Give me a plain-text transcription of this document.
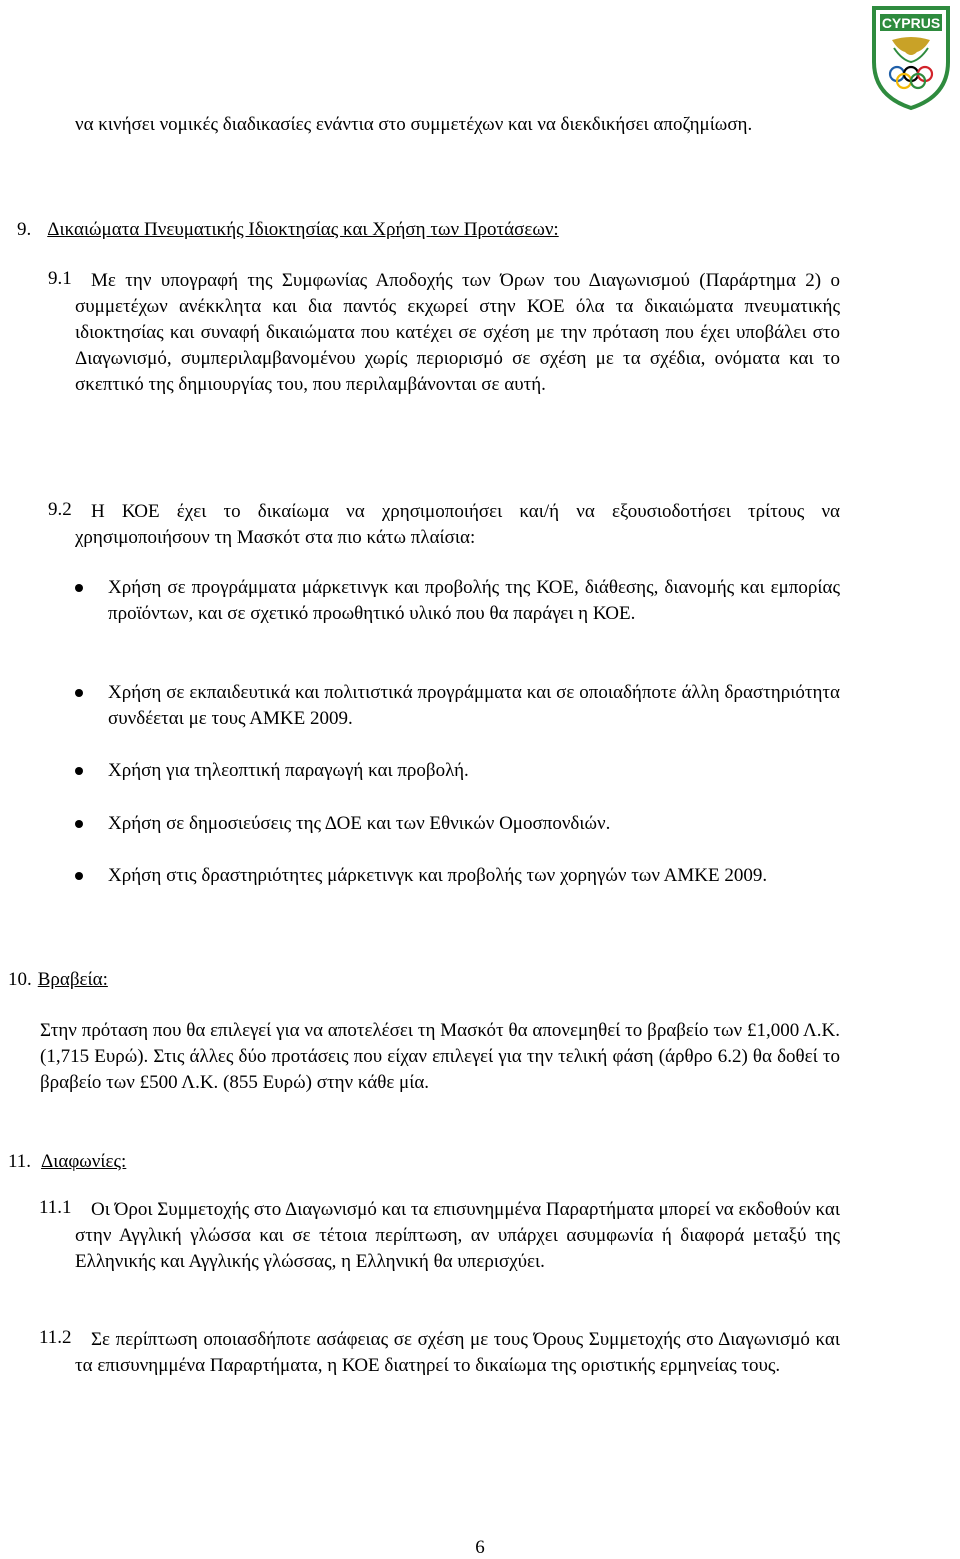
CYPRUS

να κινήσει νομικές διαδικασίες ενάντια στο συμμετέχων και να διεκδικήσει αποζημίωση.

9. Δικαιώματα Πνευματικής Ιδιοκτησίας και Χρήση των Προτάσεων:
9.1	Με την υπογραφή της Συμφωνίας Αποδοχής των Όρων του Διαγωνισμού (Παράρτημα 2) ο συμμετέχων ανέκκλητα και δια παντός εκχωρεί στην ΚΟΕ όλα τα δικαιώματα πνευματικής ιδιοκτησίας και συναφή δικαιώματα που κατέχει σε σχέση με την πρόταση που έχει υποβάλει στο Διαγωνισμό, συμπεριλαμβανομένου χωρίς περιορισμό σε σχέση με τα σχέδια, ονόματα και το σκεπτικό της δημιουργίας του, που περιλαμβάνονται σε αυτή.

9.2	Η ΚΟΕ έχει το δικαίωμα να χρησιμοποιήσει και/ή να εξουσιοδοτήσει τρίτους να χρησιμοποιήσουν τη Μασκότ στα πιο κάτω πλαίσια:

Χρήση σε προγράμματα μάρκετινγκ και προβολής της ΚΟΕ, διάθεσης, διανομής και εμπορίας προϊόντων, και σε σχετικό προωθητικό υλικό που θα παράγει η ΚΟΕ.

Χρήση σε εκπαιδευτικά και πολιτιστικά προγράμματα και σε οποιαδήποτε άλλη δραστηριότητα συνδέεται με τους ΑΜΚΕ 2009.

Χρήση για τηλεοπτική παραγωγή και προβολή.

Χρήση σε δημοσιεύσεις της ΔΟΕ και των Εθνικών Ομοσπονδιών.

Χρήση στις δραστηριότητες μάρκετινγκ και προβολής των χορηγών των ΑΜΚΕ 2009.

10. Βραβεία:

Στην πρόταση που θα επιλεγεί για να αποτελέσει τη Μασκότ θα απονεμηθεί το βραβείο των £1,000 Λ.Κ. (1,715 Ευρώ). Στις άλλες δύο προτάσεις που είχαν επιλεγεί για την τελική φάση (άρθρο 6.2) θα δοθεί το βραβείο των £500 Λ.Κ. (855 Ευρώ) στην κάθε μία.

11. Διαφωνίες:
11.1	Οι Όροι Συμμετοχής στο Διαγωνισμό και τα επισυνημμένα Παραρτήματα μπορεί να εκδοθούν και στην Αγγλική γλώσσα και σε τέτοια περίπτωση, αν υπάρχει ασυμφωνία ή διαφορά μεταξύ της Ελληνικής και Αγγλικής γλώσσας, η Ελληνική θα υπερισχύει.

11.2	Σε περίπτωση οποιασδήποτε ασάφειας σε σχέση με τους Όρους Συμμετοχής στο Διαγωνισμό και τα επισυνημμένα Παραρτήματα, η ΚΟΕ διατηρεί το δικαίωμα της οριστικής ερμηνείας τους.

6
